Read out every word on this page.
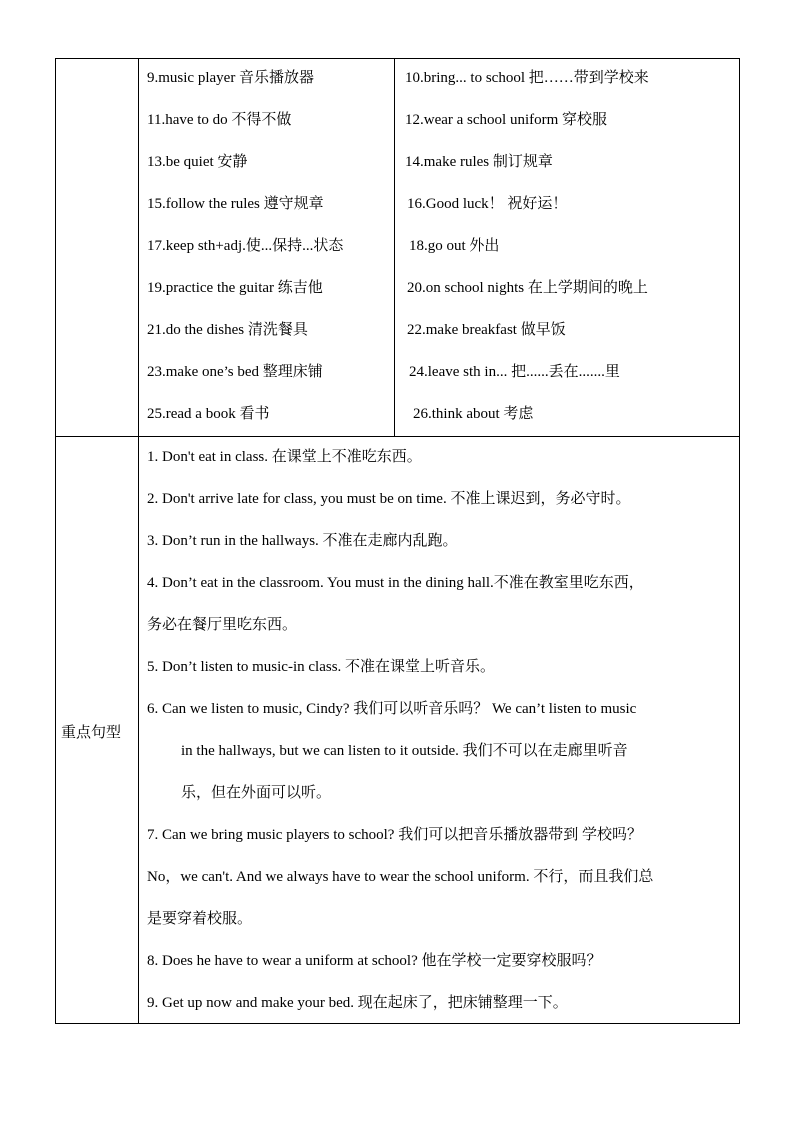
9.music player 音乐播放器	10.bring... to school 把……带到学校来
11.have to do 不得不做	12.wear a school uniform 穿校服
13.be quiet 安静	14.make rules 制订规章
15.follow the rules 遵守规章	16.Good luck！ 祝好运！
17.keep sth+adj.使...保持...状态	18.go out 外出
19.practice the guitar 练吉他	20.on school nights 在上学期间的晚上
21.do the dishes 清洗餐具	22.make breakfast 做早饭
23.make one’s bed 整理床铺	24.leave sth in... 把......丢在.......里
25.read a book 看书	26.think about 考虑
重点句型
1. Don't eat in class. 在课堂上不准吃东西。
2. Don't arrive late for class, you must be on time. 不准上课迟到，务必守时。
3. Don’t run in the hallways. 不准在走廊内乱跑。
4. Don’t eat in the classroom. You must in the dining hall.不准在教室里吃东西，
务必在餐厅里吃东西。
5. Don’t listen to music-in class. 不准在课堂上听音乐。
6. Can we listen to music, Cindy? 我们可以听音乐吗？ We can’t listen to music
in the hallways, but we can listen to it outside. 我们不可以在走廊里听音
乐，但在外面可以听。
7. Can we bring music players to school? 我们可以把音乐播放器带到 学校吗？
No，we can't. And we always have to wear the school uniform. 不行，而且我们总
是要穿着校服。
8. Does he have to wear a uniform at school? 他在学校一定要穿校服吗？
9. Get up now and make your bed. 现在起床了，把床铺整理一下。
